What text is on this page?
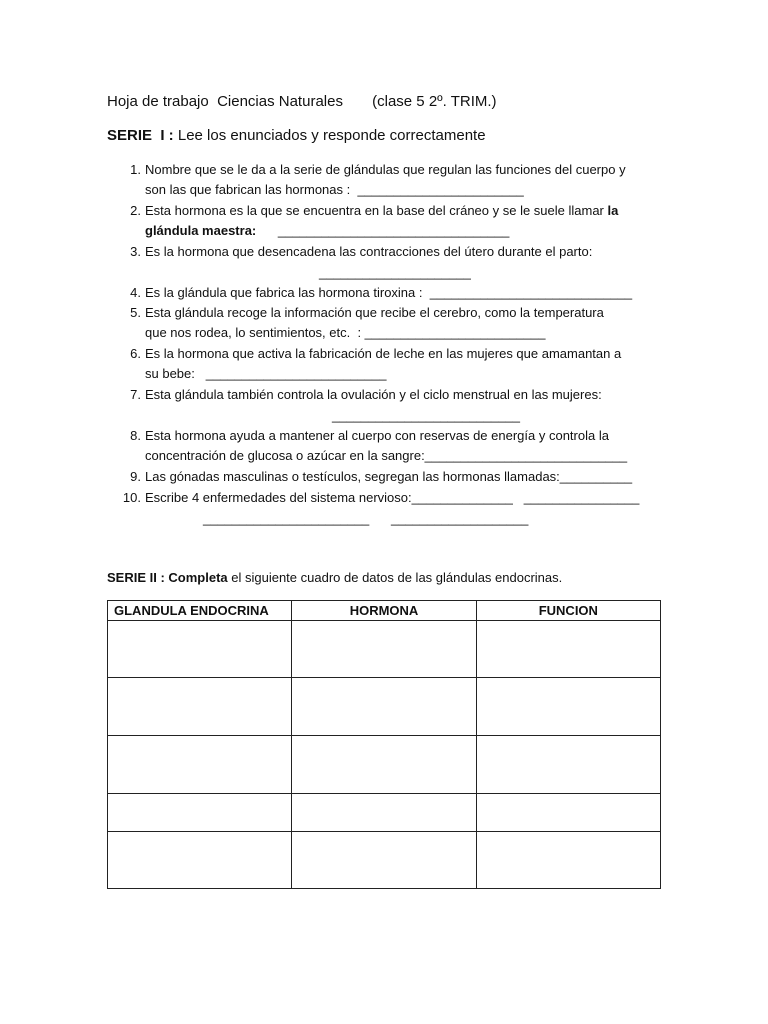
Hoja de trabajo  Ciencias Naturales       (clase 5 2º. TRIM.)
SERIE  I : Lee los enunciados y responde correctamente

1.

Nombre que se le da a la serie de glándulas que regulan las funciones del cuerpo y

son las que fabrican las hormonas :  _______________________

2.

Esta hormona es la que se encuentra en la base del cráneo y se le suele llamar la

glándula maestra:      ________________________________

3.

Es la hormona que desencadena las contracciones del útero durante el parto:

_____________________

4.

Es la glándula que fabrica las hormona tiroxina :  ____________________________

5.

Esta glándula recoge la información que recibe el cerebro, como la temperatura

que nos rodea, lo sentimientos, etc.  : _________________________

6.

Es la hormona que activa la fabricación de leche en las mujeres que amamantan a

su bebe:   _________________________

7.

Esta glándula también controla la ovulación y el ciclo menstrual en las mujeres:

__________________________

8.

Esta hormona ayuda a mantener al cuerpo con reservas de energía y controla la

concentración de glucosa o azúcar en la sangre:____________________________

9.

Las gónadas masculinas o testículos, segregan las hormonas llamadas:__________

10.

Escribe 4 enfermedades del sistema nervioso:______________   ________________

_______________________      ___________________

SERIE II : Completa el siguiente cuadro de datos de las glándulas endocrinas.
GLANDULA ENDOCRINA	HORMONA	FUNCION
